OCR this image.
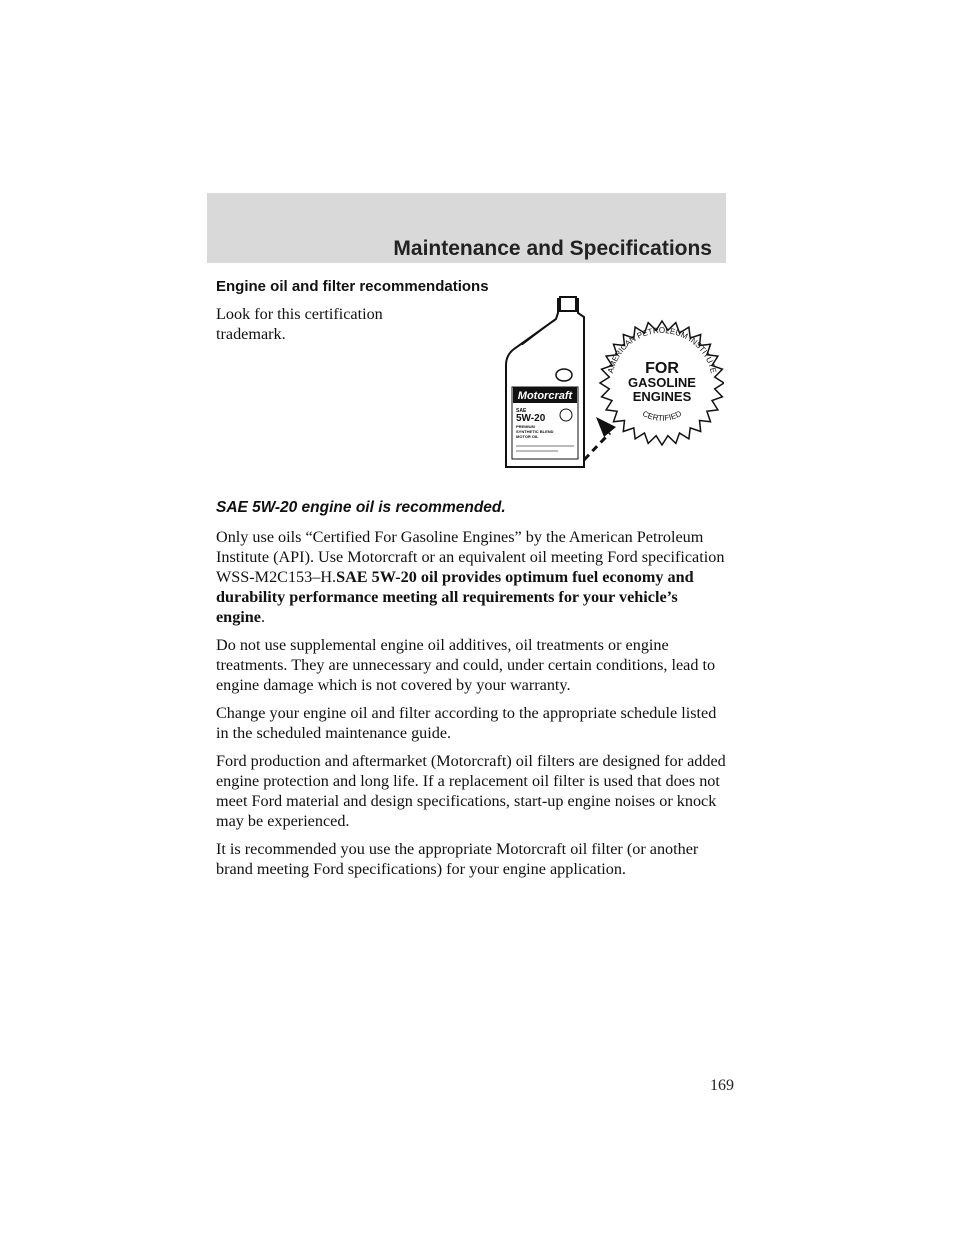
Maintenance and Specifications
Engine oil and filter recommendations
Look for this certification trademark.
SAE 5W-20 engine oil is recommended.
Only use oils “Certified For Gasoline Engines” by the American Petroleum Institute (API). Use Motorcraft or an equivalent oil meeting Ford specification WSS-M2C153–H.SAE 5W-20 oil provides optimum fuel economy and durability performance meeting all requirements for your vehicle’s engine.
Do not use supplemental engine oil additives, oil treatments or engine treatments. They are unnecessary and could, under certain conditions, lead to engine damage which is not covered by your warranty.
Change your engine oil and filter according to the appropriate schedule listed in the scheduled maintenance guide.
Ford production and aftermarket (Motorcraft) oil filters are designed for added engine protection and long life. If a replacement oil filter is used that does not meet Ford material and design specifications, start-up engine noises or knock may be experienced.
It is recommended you use the appropriate Motorcraft oil filter (or another brand meeting Ford specifications) for your engine application.
Motorcraft
SAE
5W-20
PREMIUM
SYNTHETIC BLEND
MOTOR OIL
AMERICAN PETROLEUM INSTITUTE
FOR
GASOLINE
ENGINES
CERTIFIED
169
